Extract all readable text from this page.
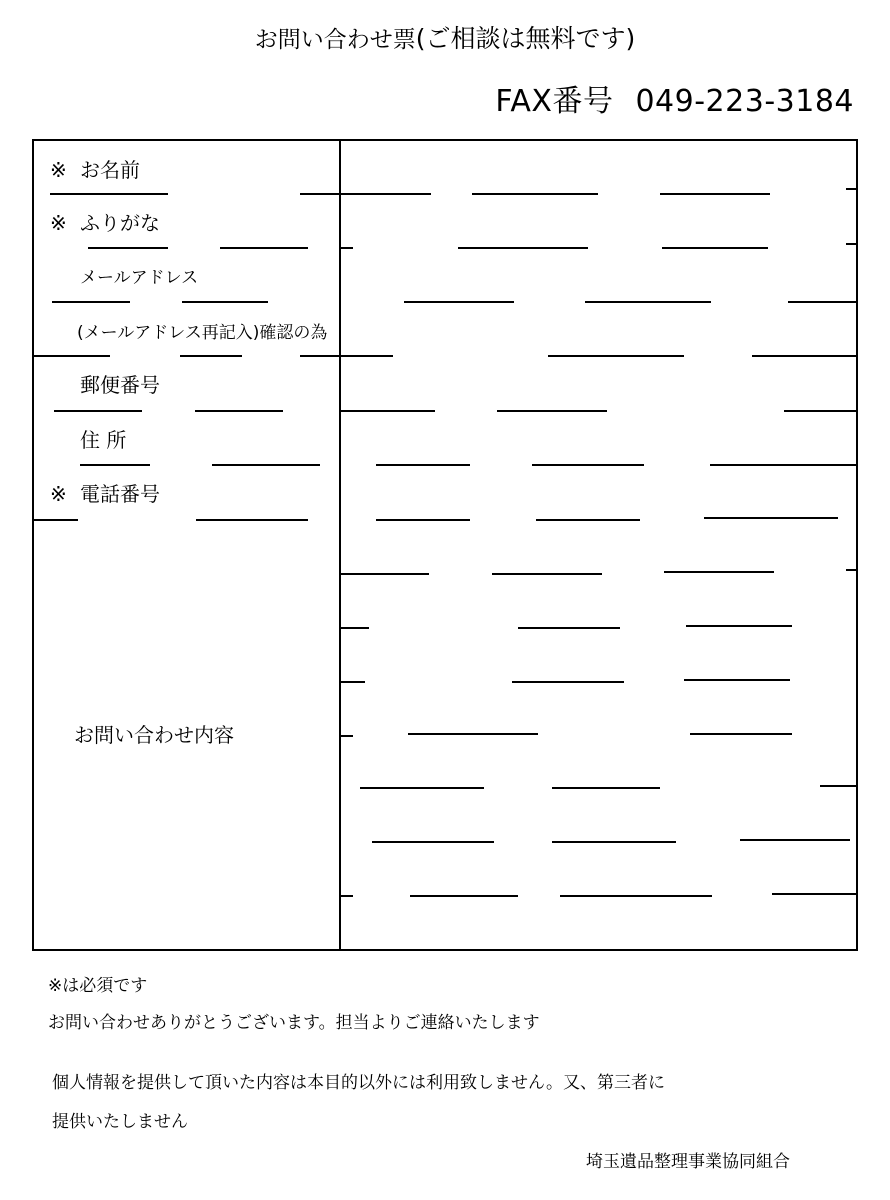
お問い合わせ票(ご相談は無料です)
FAX番号 049-223-3184
※ お名前
※ ふりがな
メールアドレス
(メールアドレス再記入)確認の為
郵便番号
住 所
※ 電話番号
お問い合わせ内容
※は必須です
お問い合わせありがとうございます。担当よりご連絡いたします
個人情報を提供して頂いた内容は本目的以外には利用致しません。又、第三者に
提供いたしません
埼玉遺品整理事業協同組合
